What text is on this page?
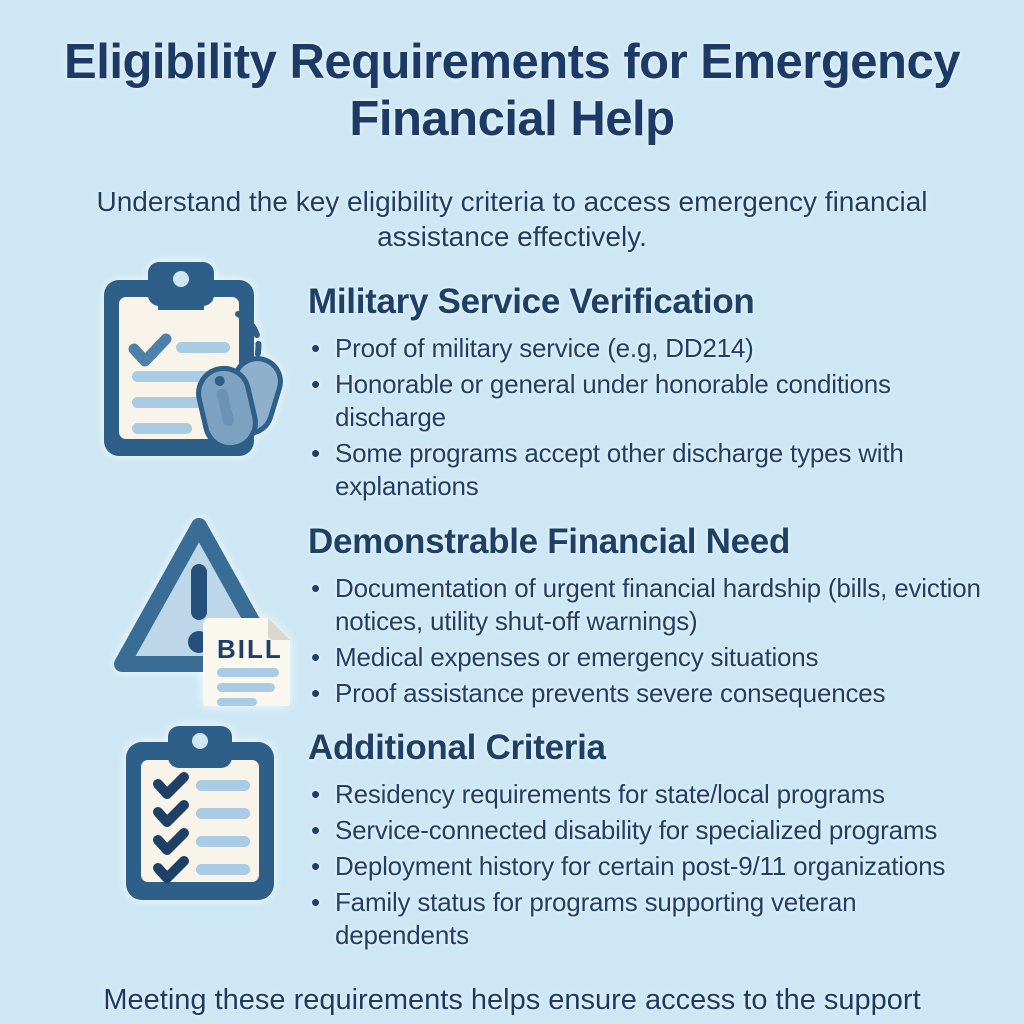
Eligibility Requirements for Emergency Financial Help

Understand the key eligibility criteria to access emergency financial assistance effectively.

Military Service Verification
• Proof of military service (e.g, DD214)
• Honorable or general under honorable conditions discharge
• Some programs accept other discharge types with explanations
BILL
Demonstrable Financial Need
• Documentation of urgent financial hardship (bills, eviction notices, utility shut-off warnings)
• Medical expenses or emergency situations
• Proof assistance prevents severe consequences
Additional Criteria
• Residency requirements for state/local programs
• Service-connected disability for specialized programs
• Deployment history for certain post-9/11 organizations
• Family status for programs supporting veteran dependents

Meeting these requirements helps ensure access to the support
